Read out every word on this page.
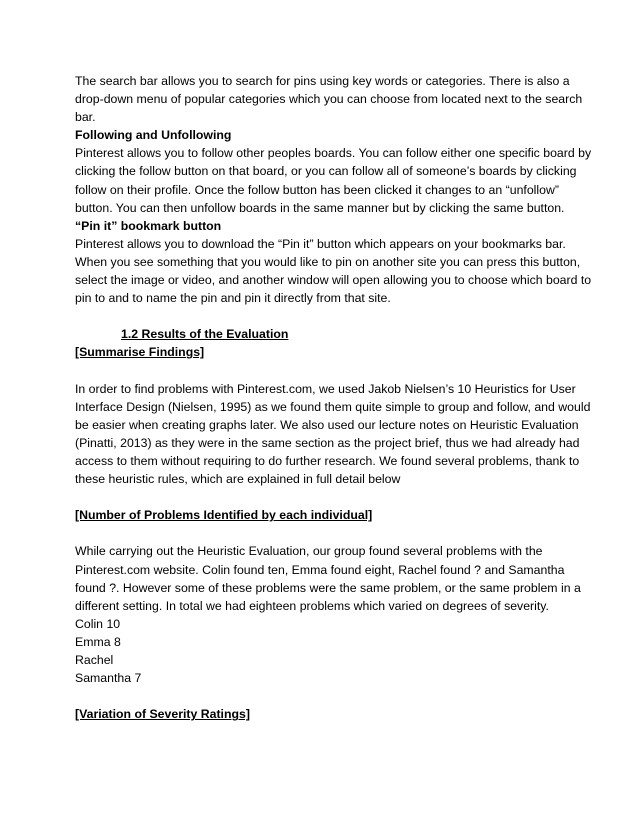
The search bar allows you to search for pins using key words or categories. There is also a drop-down menu of popular categories which you can choose from located next to the search bar.

Following and Unfollowing

Pinterest allows you to follow other peoples boards. You can follow either one specific board by clicking the follow button on that board, or you can follow all of someone’s boards by clicking follow on their profile. Once the follow button has been clicked it changes to an “unfollow” button. You can then unfollow boards in the same manner but by clicking the same button.

“Pin it” bookmark button

Pinterest allows you to download the “Pin it” button which appears on your bookmarks bar. When you see something that you would like to pin on another site you can press this button, select the image or video, and another window will open allowing you to choose which board to pin to and to name the pin and pin it directly from that site.

1.2 Results of the Evaluation

[Summarise Findings]

In order to find problems with Pinterest.com, we used Jakob Nielsen’s 10 Heuristics for User Interface Design (Nielsen, 1995) as we found them quite simple to group and follow, and would be easier when creating graphs later. We also used our lecture notes on Heuristic Evaluation (Pinatti, 2013) as they were in the same section as the project brief, thus we had already had access to them without requiring to do further research. We found several problems, thank to these heuristic rules, which are explained in full detail below

[Number of Problems Identified by each individual]

While carrying out the Heuristic Evaluation, our group found several problems with the Pinterest.com website. Colin found ten, Emma found eight, Rachel found ? and Samantha found ?. However some of these problems were the same problem, or the same problem in a different setting. In total we had eighteen problems which varied on degrees of severity.

Colin 10

Emma 8

Rachel

Samantha 7

[Variation of Severity Ratings]
